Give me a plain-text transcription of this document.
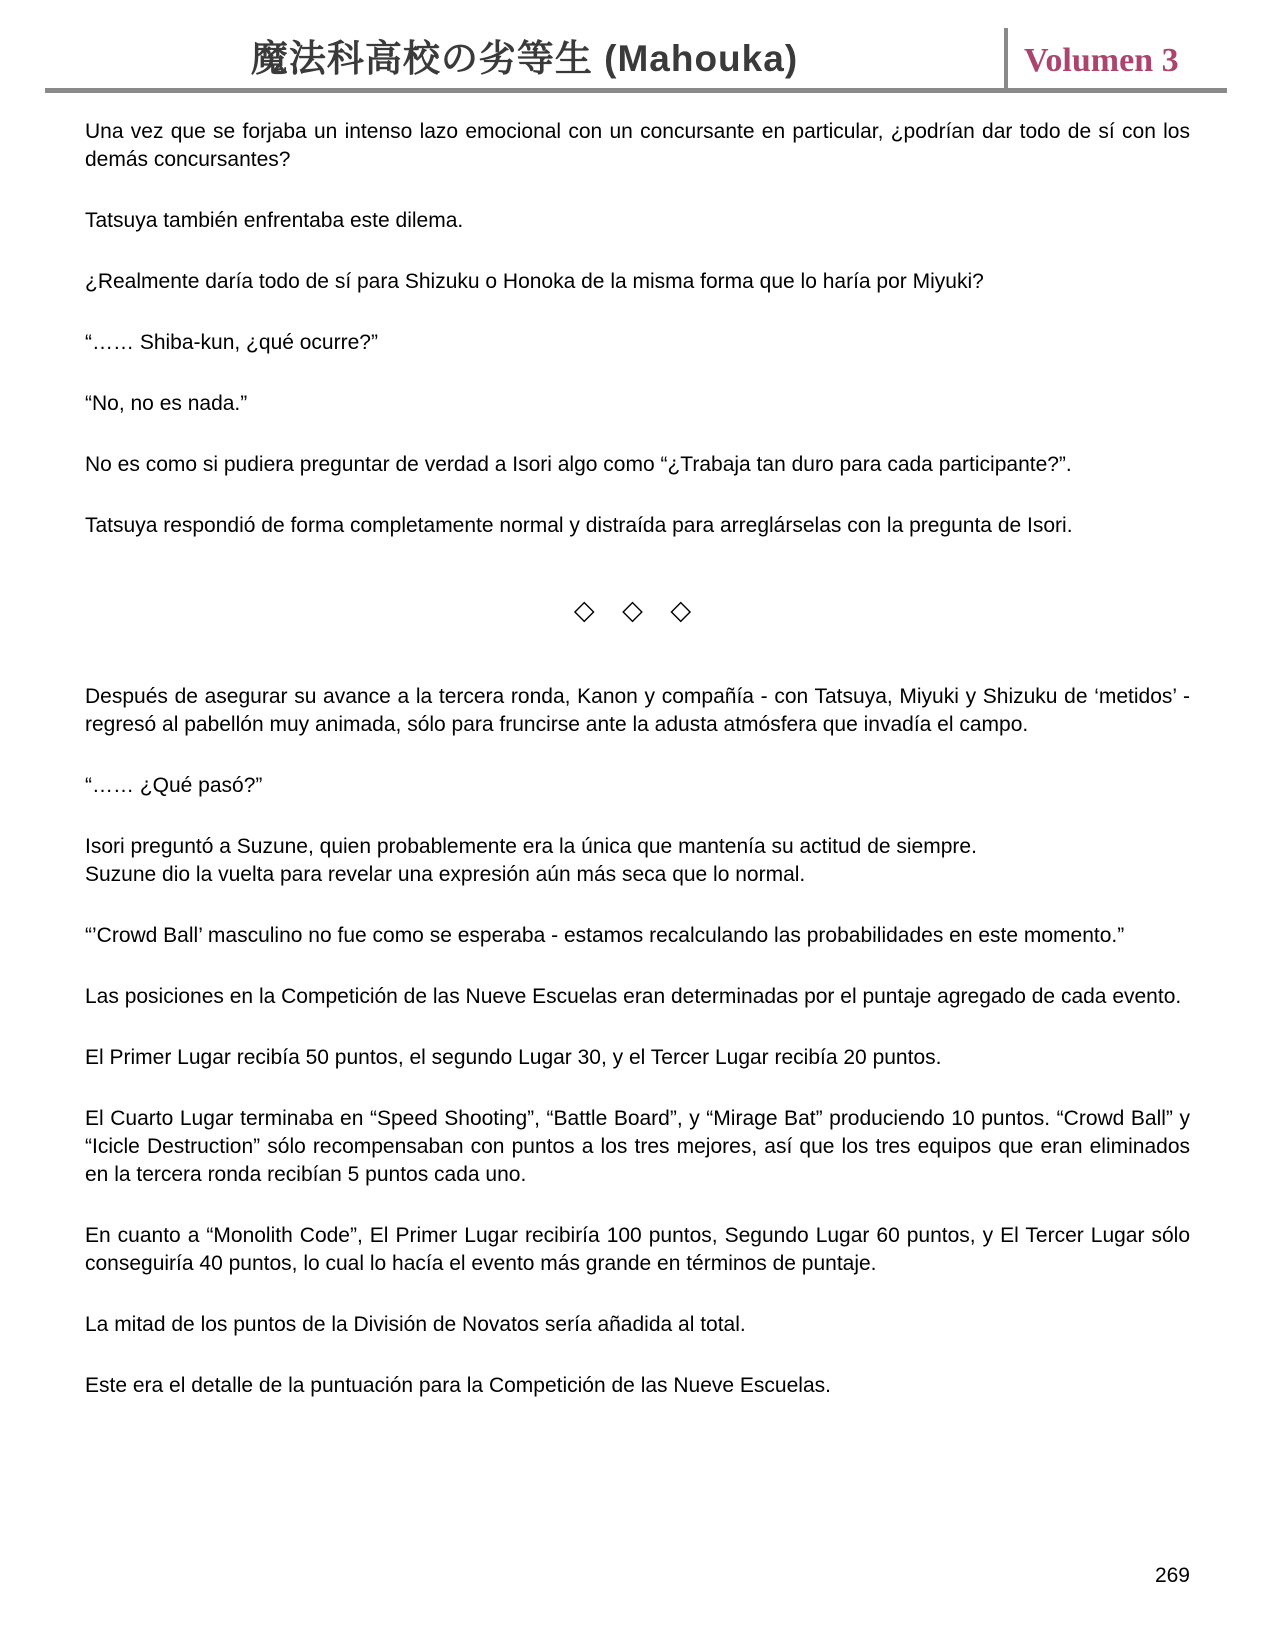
魔法科高校の劣等生 (Mahouka)	Volumen 3

Una vez que se forjaba un intenso lazo emocional con un concursante en particular, ¿podrían dar todo de sí con los demás concursantes?

Tatsuya también enfrentaba este dilema.

¿Realmente daría todo de sí para Shizuku o Honoka de la misma forma que lo haría por Miyuki?

“…… Shiba-kun, ¿qué ocurre?”

“No, no es nada.”

No es como si pudiera preguntar de verdad a Isori algo como “¿Trabaja tan duro para cada participante?”.

Tatsuya respondió de forma completamente normal y distraída para arreglárselas con la pregunta de Isori.

◇ ◇ ◇

Después de asegurar su avance a la tercera ronda, Kanon y compañía - con Tatsuya, Miyuki y Shizuku de ‘metidos’ - regresó al pabellón muy animada, sólo para fruncirse ante la adusta atmósfera que invadía el campo.

“…… ¿Qué pasó?”

Isori preguntó a Suzune, quien probablemente era la única que mantenía su actitud de siempre.
Suzune dio la vuelta para revelar una expresión aún más seca que lo normal.

“’Crowd Ball’ masculino no fue como se esperaba - estamos recalculando las probabilidades en este momento.”

Las posiciones en la Competición de las Nueve Escuelas eran determinadas por el puntaje agregado de cada evento.

El Primer Lugar recibía 50 puntos, el segundo Lugar 30, y el Tercer Lugar recibía 20 puntos.

El Cuarto Lugar terminaba en “Speed Shooting”, “Battle Board”, y “Mirage Bat” produciendo 10 puntos. “Crowd Ball” y “Icicle Destruction” sólo recompensaban con puntos a los tres mejores, así que los tres equipos que eran eliminados en la tercera ronda recibían 5 puntos cada uno.

En cuanto a “Monolith Code”, El Primer Lugar recibiría 100 puntos, Segundo Lugar 60 puntos, y El Tercer Lugar sólo conseguiría 40 puntos, lo cual lo hacía el evento más grande en términos de puntaje.

La mitad de los puntos de la División de Novatos sería añadida al total.

Este era el detalle de la puntuación para la Competición de las Nueve Escuelas.

269
